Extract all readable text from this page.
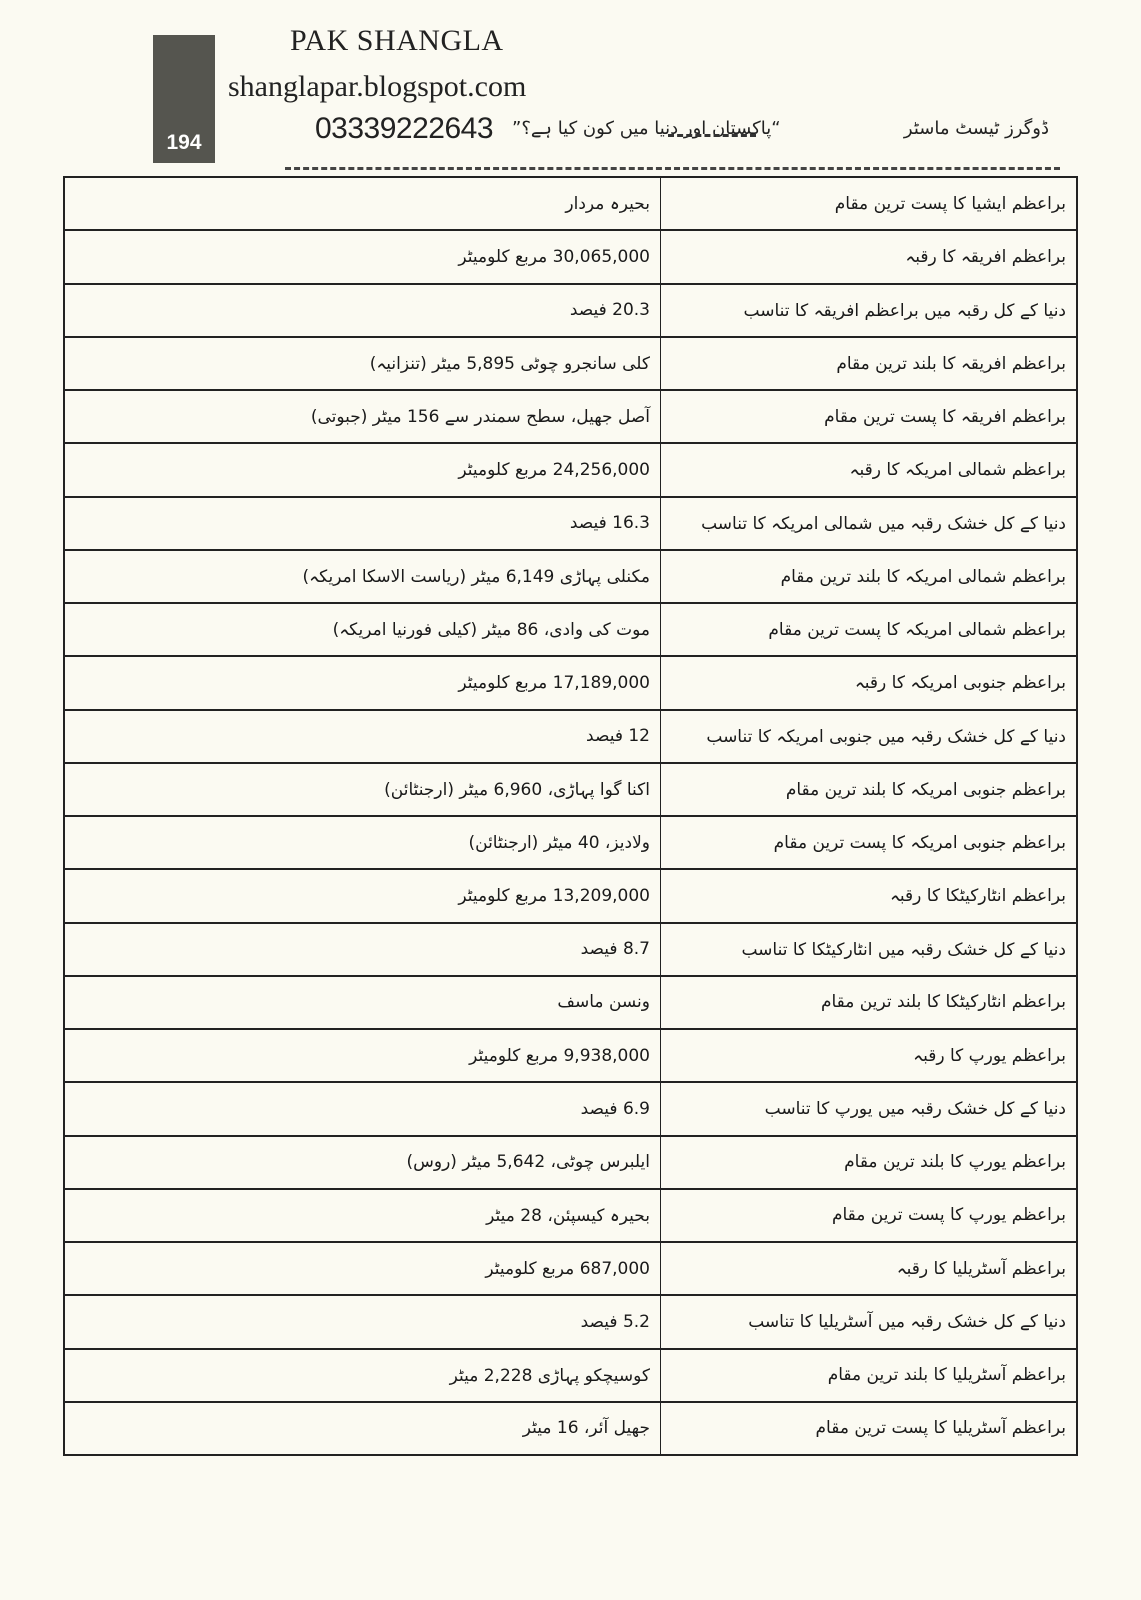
194
PAK SHANGLA
shanglapar.blogspot.com
03339222643 “پاکستان اور دنیا میں کون کیا ہے؟”	ڈوگرز ٹیسٹ ماسٹر
بحیرہ مردار	براعظم ایشیا کا پست ترین مقام
30,065,000 مربع کلومیٹر	براعظم افریقہ کا رقبہ
20.3 فیصد	دنیا کے کل رقبہ میں براعظم افریقہ کا تناسب
کلی سانجرو چوٹی 5,895 میٹر (تنزانیہ)	براعظم افریقہ کا بلند ترین مقام
آصل جھیل، سطح سمندر سے 156 میٹر (جبوتی)	براعظم افریقہ کا پست ترین مقام
24,256,000 مربع کلومیٹر	براعظم شمالی امریکہ کا رقبہ
16.3 فیصد	دنیا کے کل خشک رقبہ میں شمالی امریکہ کا تناسب
مکنلی پہاڑی 6,149 میٹر (ریاست الاسکا امریکہ)	براعظم شمالی امریکہ کا بلند ترین مقام
موت کی وادی، 86 میٹر (کیلی فورنیا امریکہ)	براعظم شمالی امریکہ کا پست ترین مقام
17,189,000 مربع کلومیٹر	براعظم جنوبی امریکہ کا رقبہ
12 فیصد	دنیا کے کل خشک رقبہ میں جنوبی امریکہ کا تناسب
اکنا گوا پہاڑی، 6,960 میٹر (ارجنٹائن)	براعظم جنوبی امریکہ کا بلند ترین مقام
ولادیز، 40 میٹر (ارجنٹائن)	براعظم جنوبی امریکہ کا پست ترین مقام
13,209,000 مربع کلومیٹر	براعظم انٹارکیٹکا کا رقبہ
8.7 فیصد	دنیا کے کل خشک رقبہ میں انٹارکیٹکا کا تناسب
ونسن ماسف	براعظم انٹارکیٹکا کا بلند ترین مقام
9,938,000 مربع کلومیٹر	براعظم یورپ کا رقبہ
6.9 فیصد	دنیا کے کل خشک رقبہ میں یورپ کا تناسب
ایلبرس چوٹی، 5,642 میٹر (روس)	براعظم یورپ کا بلند ترین مقام
بحیرہ کیسپئن، 28 میٹر	براعظم یورپ کا پست ترین مقام
687,000 مربع کلومیٹر	براعظم آسٹریلیا کا رقبہ
5.2 فیصد	دنیا کے کل خشک رقبہ میں آسٹریلیا کا تناسب
کوسیچکو پہاڑی 2,228 میٹر	براعظم آسٹریلیا کا بلند ترین مقام
جھیل آئر، 16 میٹر	براعظم آسٹریلیا کا پست ترین مقام
